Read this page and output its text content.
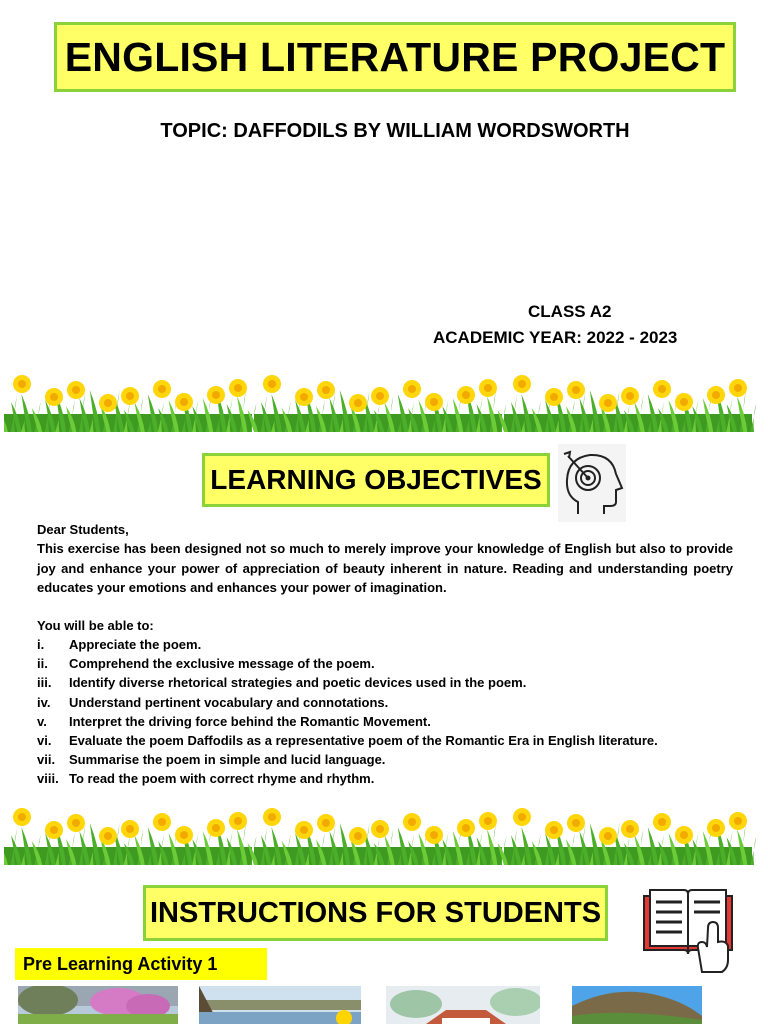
ENGLISH LITERATURE PROJECT
TOPIC: DAFFODILS BY WILLIAM WORDSWORTH
CLASS A2
ACADEMIC YEAR: 2022 - 2023
LEARNING OBJECTIVES
Dear Students,
This exercise has been designed not so much to merely improve your knowledge of English but also to provide joy and enhance your power of appreciation of beauty inherent in nature. Reading and understanding poetry educates your emotions and enhances your power of imagination.
You will be able to:
i.	Appreciate the poem.
ii.	Comprehend the exclusive message of the poem.
iii.	Identify diverse rhetorical strategies and poetic devices used in the poem.
iv.	Understand pertinent vocabulary and connotations.
v.	Interpret the driving force behind the Romantic Movement.
vi.	Evaluate the poem Daffodils as a representative poem of the Romantic Era in English literature.
vii.	Summarise the poem in simple and lucid language.
viii. To read the poem with correct rhyme and rhythm.
INSTRUCTIONS FOR STUDENTS
Pre Learning Activity 1
